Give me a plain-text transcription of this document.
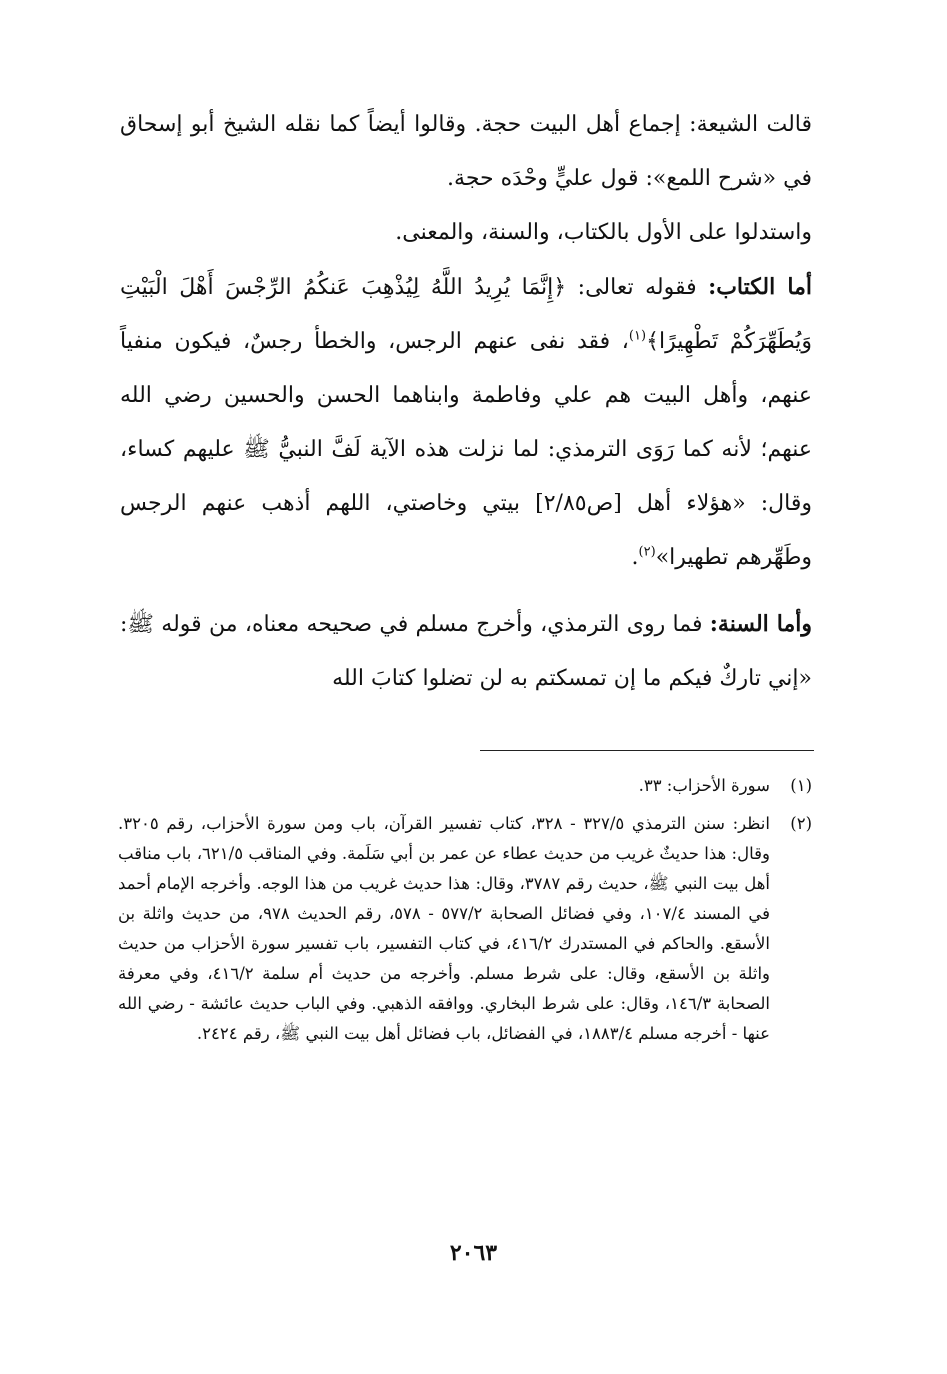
قالت الشيعة: إجماع أهل البيت حجة. وقالوا أيضاً كما نقله الشيخ أبو إسحاق في «شرح اللمع»: قول عليٍّ وحْدَه حجة.

واستدلوا على الأول بالكتاب، والسنة، والمعنى.

أما الكتاب: فقوله تعالى: ﴿إِنَّمَا يُرِيدُ اللَّهُ لِيُذْهِبَ عَنكُمُ الرِّجْسَ أَهْلَ الْبَيْتِ وَيُطَهِّرَكُمْ تَطْهِيرًا﴾$^{(١)}$، فقد نفى عنهم الرجس، والخطأ رجسٌ، فيكون منفياً عنهم، وأهل البيت هم علي وفاطمة وابناهما الحسن والحسين رضي الله عنهم؛ لأنه كما رَوَى الترمذي: لما نزلت هذه الآية لَفَّ النبيُّ ﷺ عليهم كساء، وقال: «هؤلاء أهل [ص٢/٨٥] بيتي وخاصتي، اللهم أذهب عنهم الرجس وطَهِّرهم تطهيرا»$^{(٢)}$.

وأما السنة: فما روى الترمذي، وأخرج مسلم في صحيحه معناه، من قوله ﷺ: «إني تاركٌ فيكم ما إن تمسكتم به لن تضلوا كتابَ الله

(١)
سورة الأحزاب: ٣٣.
(٢)
انظر: سنن الترمذي ٣٢٧/٥ - ٣٢٨، كتاب تفسير القرآن، باب ومن سورة الأحزاب، رقم ٣٢٠٥. وقال: هذا حديثٌ غريب من حديث عطاء عن عمر بن أبي سَلَمة. وفي المناقب ٦٢١/٥، باب مناقب أهل بيت النبي ﷺ، حديث رقم ٣٧٨٧، وقال: هذا حديث غريب من هذا الوجه. وأخرجه الإمام أحمد في المسند ١٠٧/٤، وفي فضائل الصحابة ٥٧٧/٢ - ٥٧٨، رقم الحديث ٩٧٨، من حديث واثلة بن الأسقع. والحاكم في المستدرك ٤١٦/٢، في كتاب التفسير، باب تفسير سورة الأحزاب من حديث واثلة بن الأسقع، وقال: على شرط مسلم. وأخرجه من حديث أم سلمة ٤١٦/٢، وفي معرفة الصحابة ١٤٦/٣، وقال: على شرط البخاري. ووافقه الذهبي. وفي الباب حديث عائشة - رضي الله عنها - أخرجه مسلم ١٨٨٣/٤، في الفضائل، باب فضائل أهل بيت النبي ﷺ، رقم ٢٤٢٤.
٢٠٦٣
